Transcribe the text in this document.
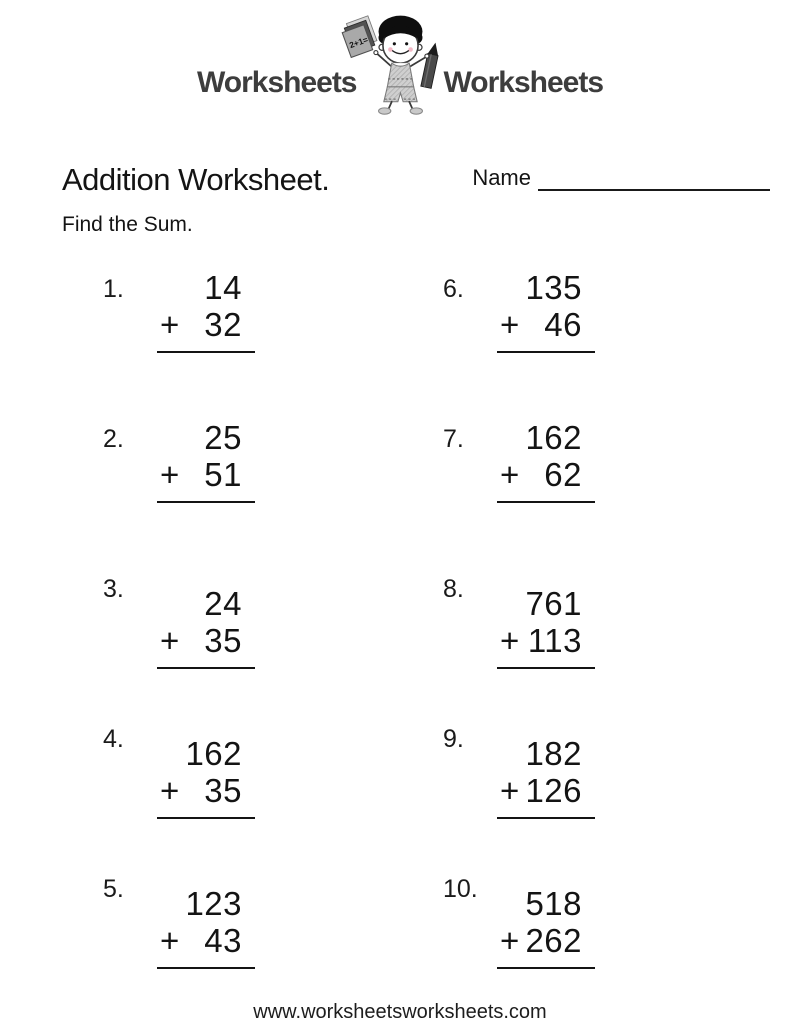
Worksheets
2+1=
Worksheets
Addition Worksheet.	Name
Find the Sum.
1.	14
+ 32
2.	25
+ 51
3.	24
+ 35
4.	162
+ 35
5.	123
+ 43
6.	135
+ 46
7.	162
+ 62
8.	761
+ 113
9.	182
+ 126
10.	518
+ 262
www.worksheetsworksheets.com
